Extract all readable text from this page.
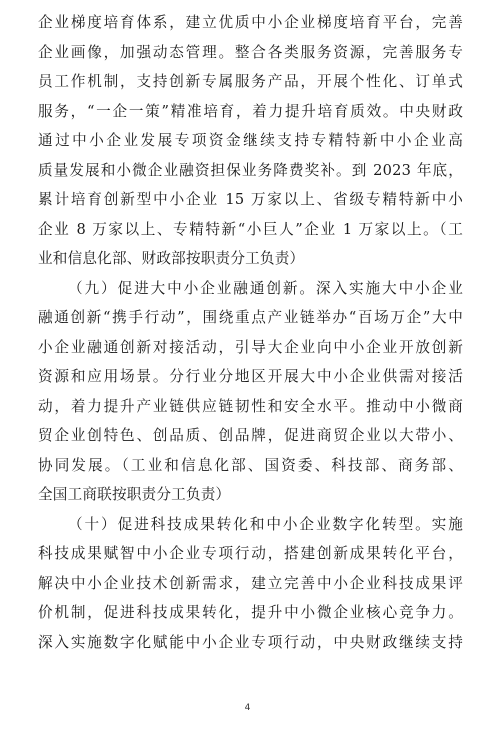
企业梯度培育体系，建立优质中小企业梯度培育平台，完善
企业画像，加强动态管理。整合各类服务资源，完善服务专
员工作机制，支持创新专属服务产品，开展个性化、订单式
服务，“一企一策”精准培育，着力提升培育质效。中央财政
通过中小企业发展专项资金继续支持专精特新中小企业高
质量发展和小微企业融资担保业务降费奖补。到 2023 年底，
累计培育创新型中小企业 15 万家以上、省级专精特新中小
企业 8 万家以上、专精特新“小巨人”企业 1 万家以上。（工
业和信息化部、财政部按职责分工负责）
（九）促进大中小企业融通创新。深入实施大中小企业
融通创新“携手行动”，围绕重点产业链举办“百场万企”大中
小企业融通创新对接活动，引导大企业向中小企业开放创新
资源和应用场景。分行业分地区开展大中小企业供需对接活
动，着力提升产业链供应链韧性和安全水平。推动中小微商
贸企业创特色、创品质、创品牌，促进商贸企业以大带小、
协同发展。（工业和信息化部、国资委、科技部、商务部、
全国工商联按职责分工负责）
（十）促进科技成果转化和中小企业数字化转型。实施
科技成果赋智中小企业专项行动，搭建创新成果转化平台，
解决中小企业技术创新需求，建立完善中小企业科技成果评
价机制，促进科技成果转化，提升中小微企业核心竞争力。
深入实施数字化赋能中小企业专项行动，中央财政继续支持
4
